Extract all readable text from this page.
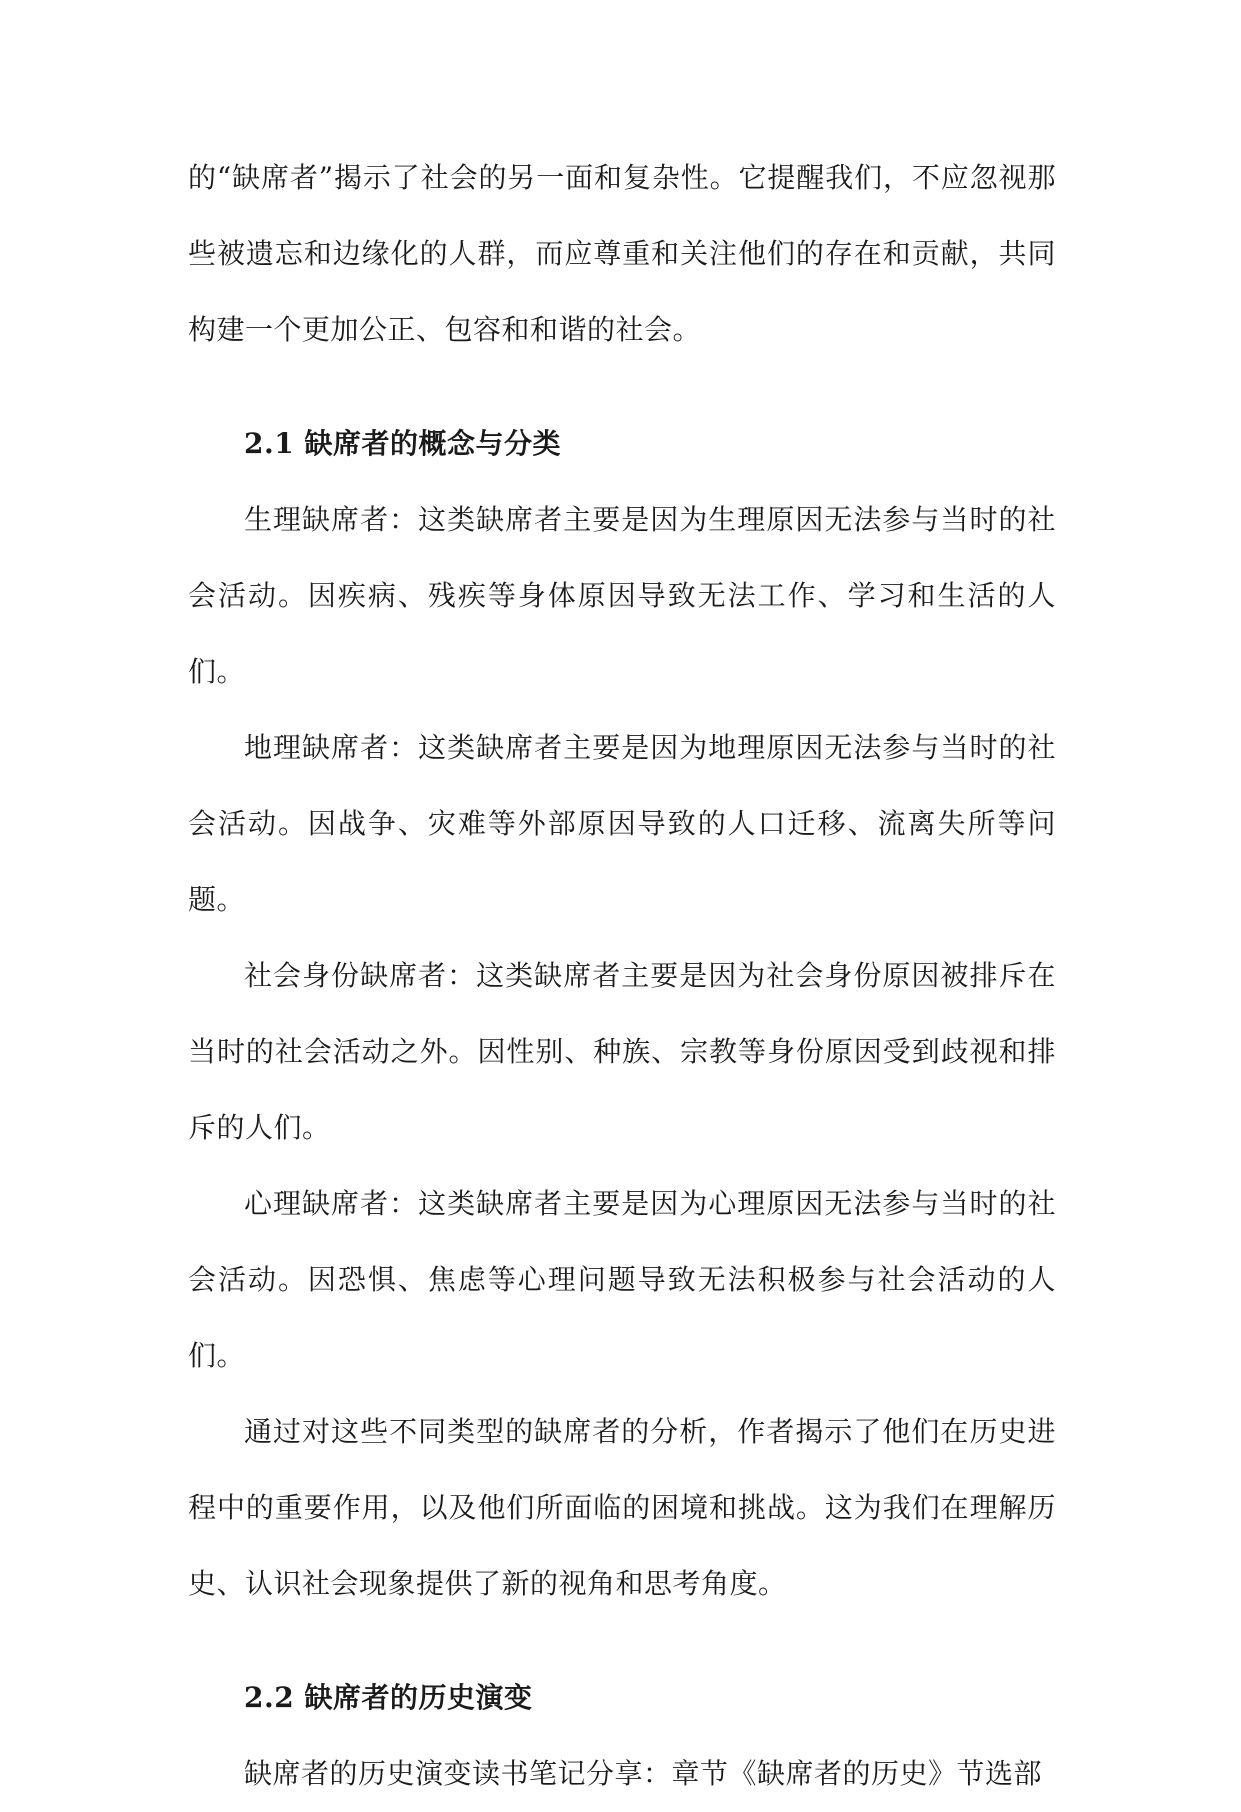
的“缺席者”揭示了社会的另一面和复杂性。它提醒我们，不应忽视那些被遗忘和边缘化的人群，而应尊重和关注他们的存在和贡献，共同构建一个更加公正、包容和和谐的社会。

2.1 缺席者的概念与分类

生理缺席者：这类缺席者主要是因为生理原因无法参与当时的社会活动。因疾病、残疾等身体原因导致无法工作、学习和生活的人们。

地理缺席者：这类缺席者主要是因为地理原因无法参与当时的社会活动。因战争、灾难等外部原因导致的人口迁移、流离失所等问题。

社会身份缺席者：这类缺席者主要是因为社会身份原因被排斥在当时的社会活动之外。因性别、种族、宗教等身份原因受到歧视和排斥的人们。

心理缺席者：这类缺席者主要是因为心理原因无法参与当时的社会活动。因恐惧、焦虑等心理问题导致无法积极参与社会活动的人们。

通过对这些不同类型的缺席者的分析，作者揭示了他们在历史进程中的重要作用，以及他们所面临的困境和挑战。这为我们在理解历史、认识社会现象提供了新的视角和思考角度。

2.2 缺席者的历史演变

缺席者的历史演变读书笔记分享：章节《缺席者的历史》节选部
